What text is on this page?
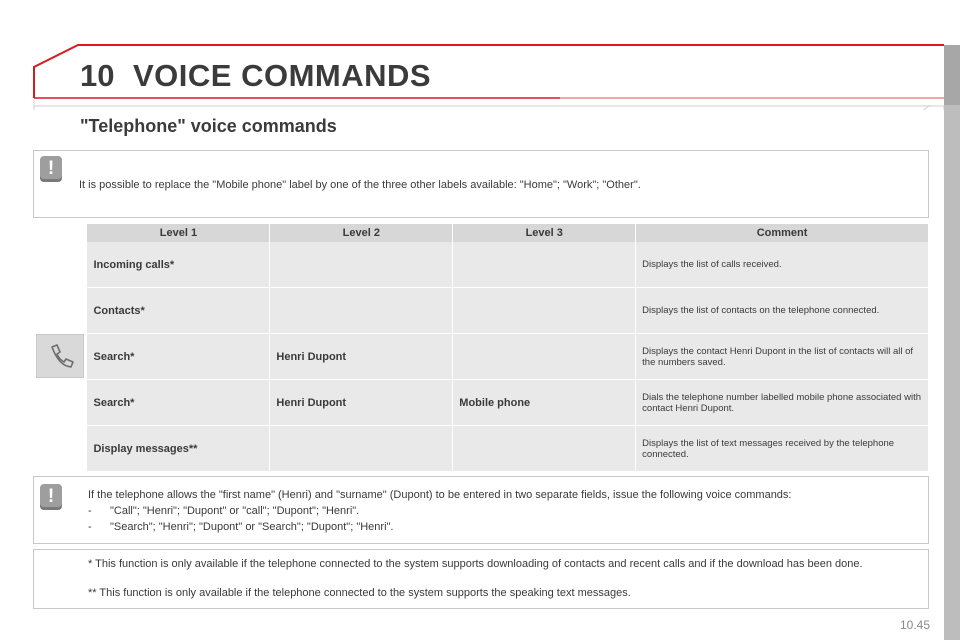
10 VOICE COMMANDS
"Telephone" voice commands
!
It is possible to replace the "Mobile phone" label by one of the three other labels available: "Home"; "Work"; "Other".
	Level 1	Level 2	Level 3	Comment
	Incoming calls*			Displays the list of calls received.
	Contacts*			Displays the list of contacts on the telephone connected.
	Search*	Henri Dupont		Displays the contact Henri Dupont in the list of contacts will all of the numbers saved.
	Search*	Henri Dupont	Mobile phone	Dials the telephone number labelled mobile phone associated with contact Henri Dupont.
	Display messages**			Displays the list of text messages received by the telephone connected.
!	If the telephone allows the "first name" (Henri) and "surname" (Dupont) to be entered in two separate fields, issue the following voice commands:
- "Call"; "Henri"; "Dupont" or "call"; "Dupont"; "Henri".
- "Search"; "Henri"; "Dupont" or "Search"; "Dupont"; "Henri".
* This function is only available if the telephone connected to the system supports downloading of contacts and recent calls and if the download has been done.
** This function is only available if the telephone connected to the system supports the speaking text messages.
10.45
